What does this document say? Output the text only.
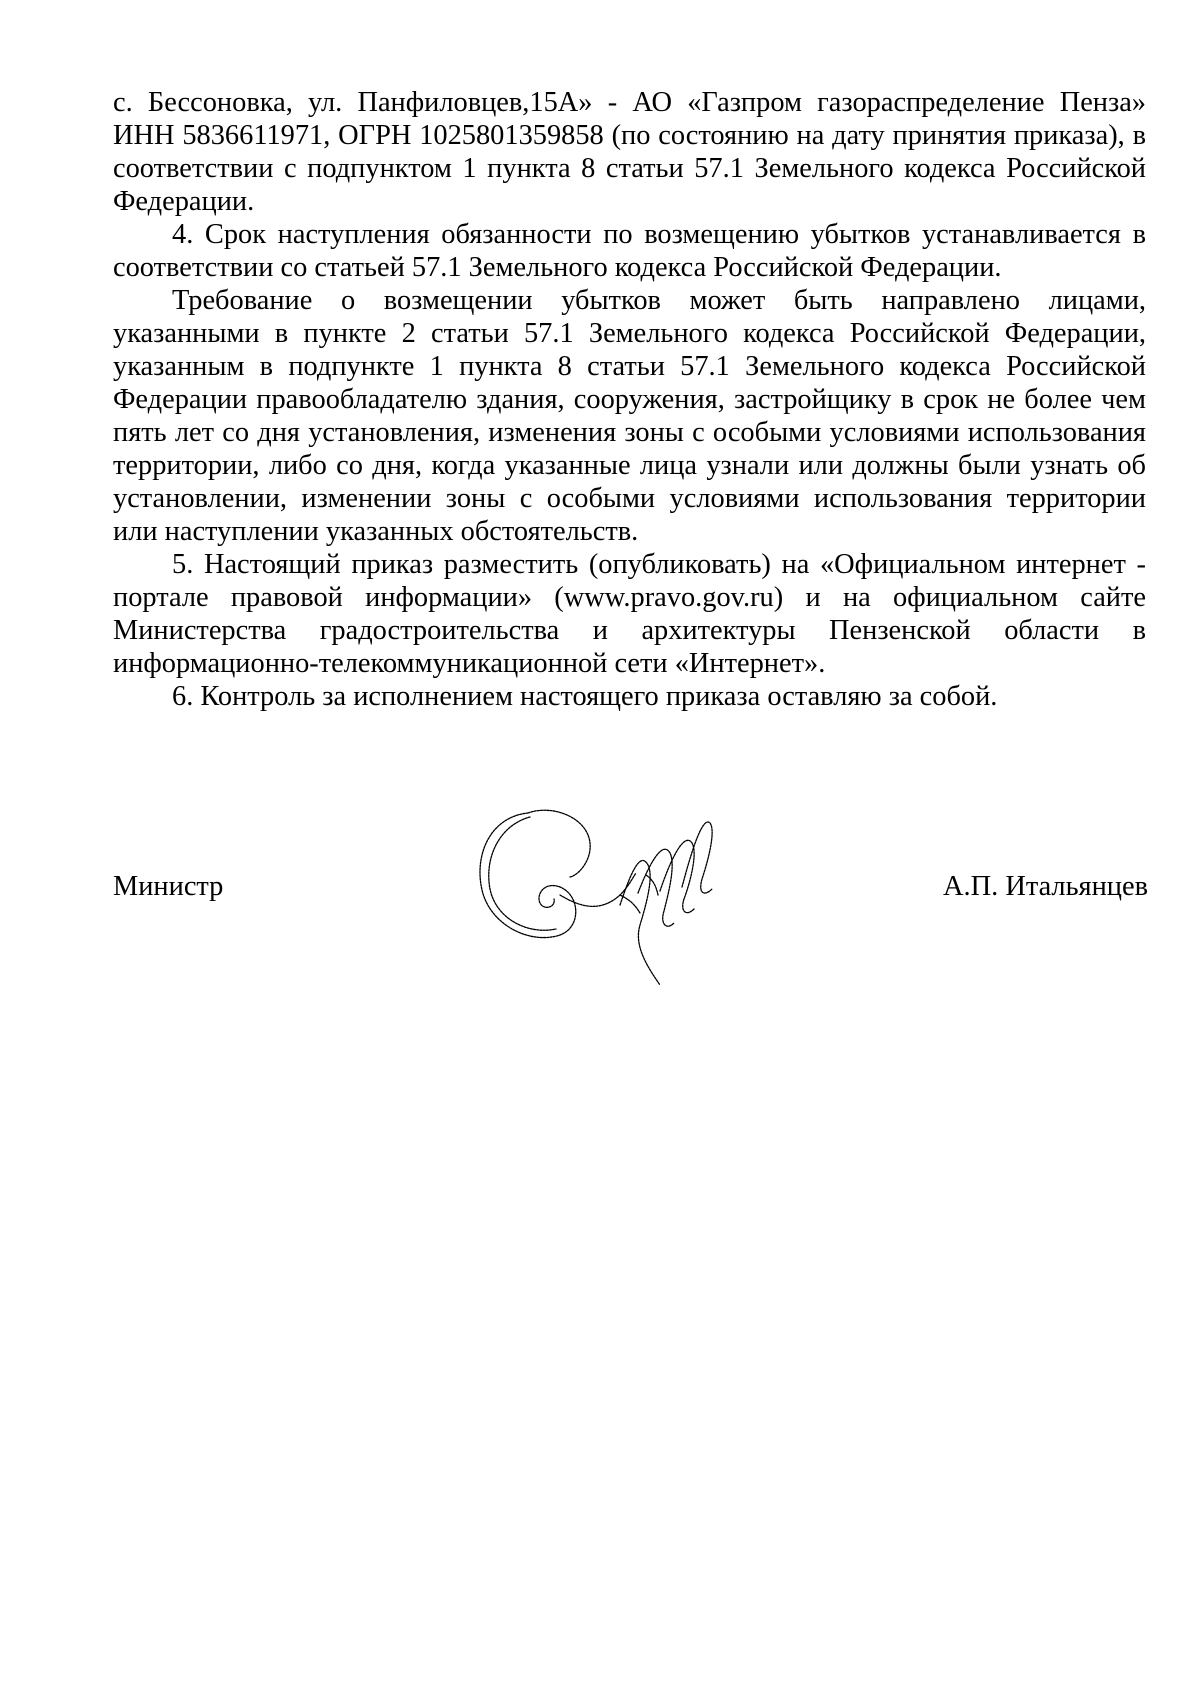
с. Бессоновка, ул. Панфиловцев,15А» - АО «Газпром газораспределение Пенза» ИНН 5836611971, ОГРН 1025801359858 (по состоянию на дату принятия приказа), в соответствии с подпунктом 1 пункта 8 статьи 57.1 Земельного кодекса Российской Федерации.

4. Срок наступления обязанности по возмещению убытков устанавливается в соответствии со статьей 57.1 Земельного кодекса Российской Федерации.

Требование о возмещении убытков может быть направлено лицами, указанными в пункте 2 статьи 57.1 Земельного кодекса Российской Федерации, указанным в подпункте 1 пункта 8 статьи 57.1 Земельного кодекса Российской Федерации правообладателю здания, сооружения, застройщику в срок не более чем пять лет со дня установления, изменения зоны с особыми условиями использования территории, либо со дня, когда указанные лица узнали или должны были узнать об установлении, изменении зоны с особыми условиями использования территории или наступлении указанных обстоятельств.

5. Настоящий приказ разместить (опубликовать) на «Официальном интернет - портале правовой информации» (www.pravo.gov.ru) и на официальном сайте Министерства градостроительства и архитектуры Пензенской области в информационно-телекоммуникационной сети «Интернет».

6. Контроль за исполнением настоящего приказа оставляю за собой.

Министр	А.П. Итальянцев
